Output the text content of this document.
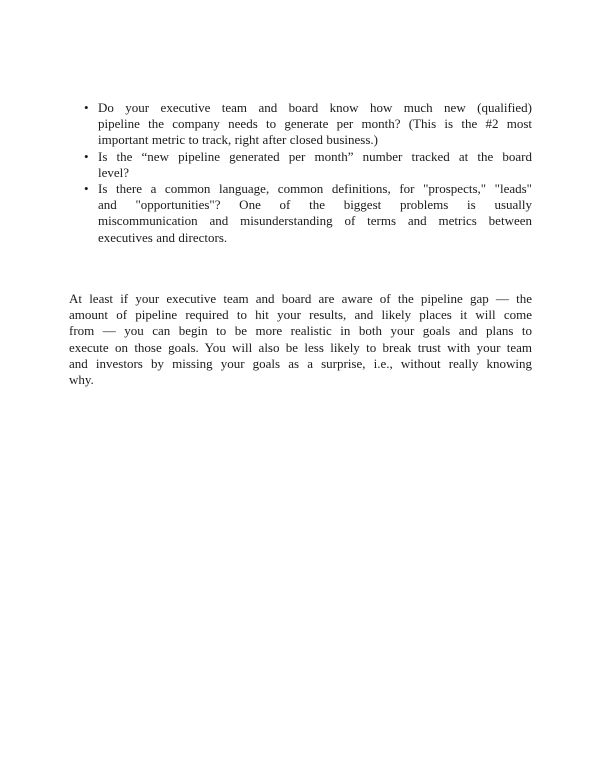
• Do your executive team and board know how much new (qualified)
pipeline the company needs to generate per month? (This is the #2 most
important metric to track, right after closed business.)
• Is the “new pipeline generated per month” number tracked at the board
level?
• Is there a common language, common definitions, for "prospects," "leads"
and "opportunities"? One of the biggest problems is usually
miscommunication and misunderstanding of terms and metrics between
executives and directors.
At least if your executive team and board are aware of the pipeline gap — the
amount of pipeline required to hit your results, and likely places it will come
from — you can begin to be more realistic in both your goals and plans to
execute on those goals. You will also be less likely to break trust with your team
and investors by missing your goals as a surprise, i.e., without really knowing
why.
